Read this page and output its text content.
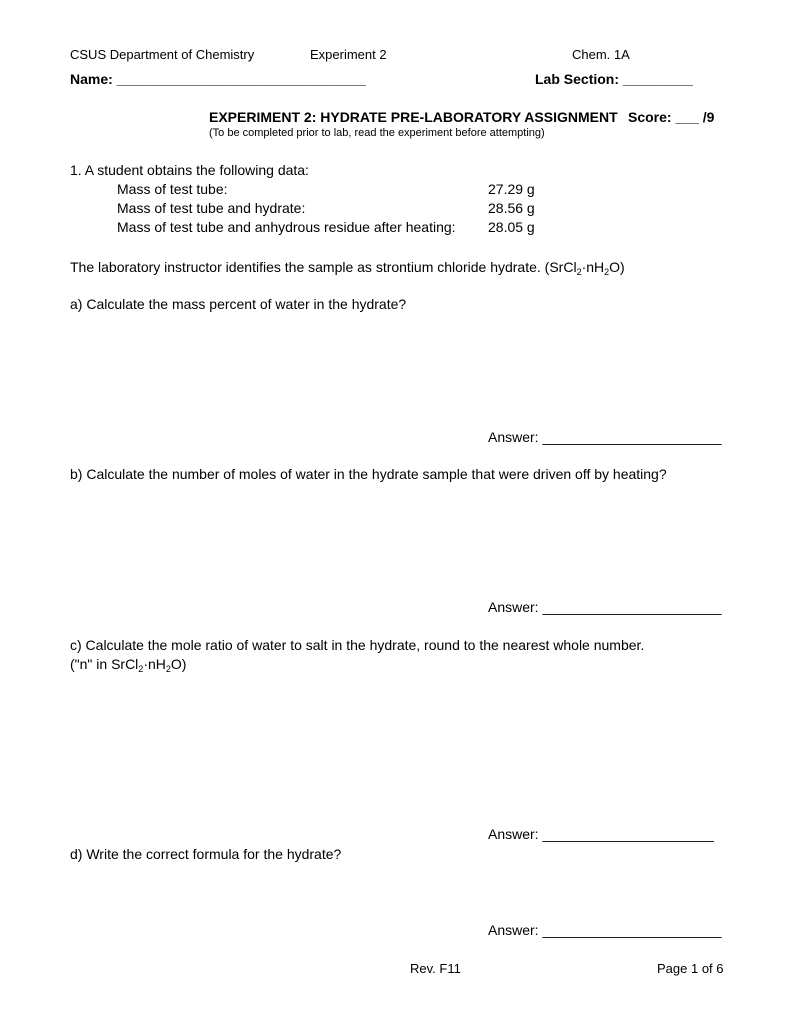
CSUS Department of Chemistry	Experiment 2	Chem. 1A
Name: ________________________________	Lab Section: _________
EXPERIMENT 2: HYDRATE PRE-LABORATORY ASSIGNMENT Score: ___ /9
(To be completed prior to lab, read the experiment before attempting)
1. A student obtains the following data:
Mass of test tube:	27.29 g
Mass of test tube and hydrate:	28.56 g
Mass of test tube and anhydrous residue after heating: 28.05 g
The laboratory instructor identifies the sample as strontium chloride hydrate. $(SrCl_2\cdot nH_2O)$
a) Calculate the mass percent of water in the hydrate?
Answer: _______________________
b) Calculate the number of moles of water in the hydrate sample that were driven off by heating?
Answer: _______________________
c) Calculate the mole ratio of water to salt in the hydrate, round to the nearest whole number.
("n" in $SrCl_2\cdot nH_2O$)
Answer: ______________________
d) Write the correct formula for the hydrate?
Answer: _______________________
Rev. F11	Page 1 of 6
